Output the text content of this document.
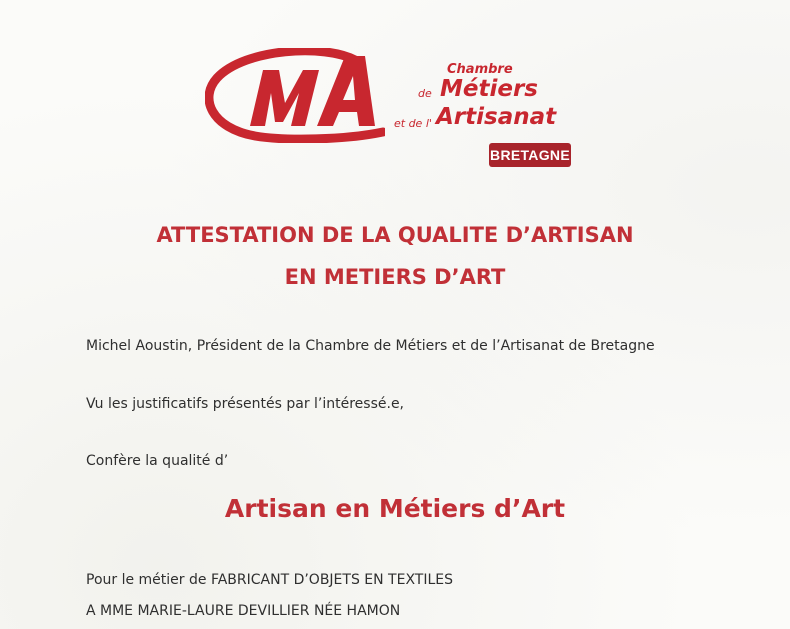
Chambre
de Métiers
et de l' Artisanat
BRETAGNE
ATTESTATION DE LA QUALITE D’ARTISAN
EN METIERS D’ART
Michel Aoustin, Président de la Chambre de Métiers et de l’Artisanat de Bretagne
Vu les justificatifs présentés par l’intéressé.e,
Confère la qualité d’
Artisan en Métiers d’Art
Pour le métier de FABRICANT D’OBJETS EN TEXTILES
A MME MARIE-LAURE DEVILLIER NÉE HAMON
